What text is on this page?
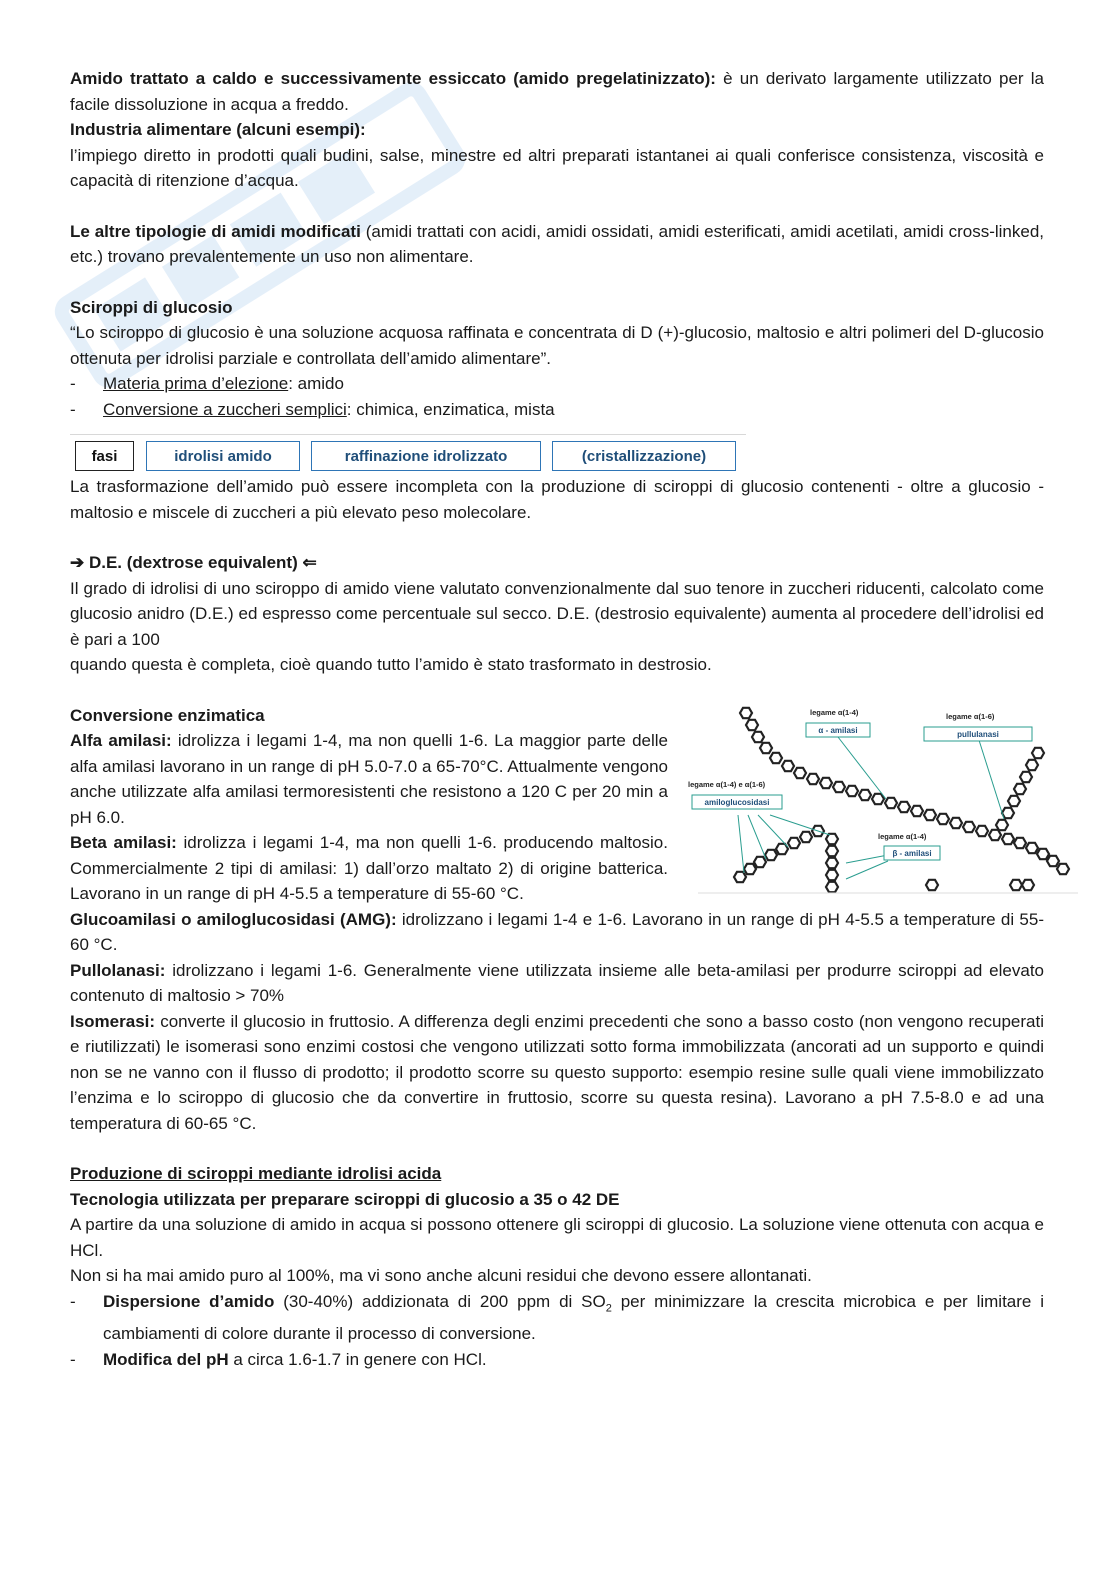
Amido trattato a caldo e successivamente essiccato (amido pregelatinizzato): è un derivato largamente utilizzato per la facile dissoluzione in acqua a freddo.

Industria alimentare (alcuni esempi):

l’impiego diretto in prodotti quali budini, salse, minestre ed altri preparati istantanei ai quali conferisce consistenza, viscosità e capacità di ritenzione d’acqua.

Le altre tipologie di amidi modificati (amidi trattati con acidi, amidi ossidati, amidi esterificati, amidi acetilati, amidi cross-linked, etc.) trovano prevalentemente un uso non alimentare.

Sciroppi di glucosio

“Lo sciroppo di glucosio è una soluzione acquosa raffinata e concentrata di D (+)-glucosio, maltosio e altri polimeri del D-glucosio ottenuta per idrolisi parziale e controllata dell’amido alimentare”.

-	Materia prima d’elezione: amido
-	Conversione a zuccheri semplici: chimica, enzimatica, mista
fasi	idrolisi amido	raffinazione idrolizzato	(cristallizzazione)

La trasformazione dell’amido può essere incompleta con la produzione di sciroppi di glucosio contenenti - oltre a glucosio - maltosio e miscele di zuccheri a più elevato peso molecolare.

➔ D.E. (dextrose equivalent) ⇐

Il grado di idrolisi di uno sciroppo di amido viene valutato convenzionalmente dal suo tenore in zuccheri riducenti, calcolato come glucosio anidro (D.E.) ed espresso come percentuale sul secco. D.E. (destrosio equivalente) aumenta al procedere dell’idrolisi ed è pari a 100

quando questa è completa, cioè quando tutto l’amido è stato trasformato in destrosio.

Conversione enzimatica

Alfa amilasi: idrolizza i legami 1-4, ma non quelli 1-6. La maggior parte delle alfa amilasi lavorano in un range di pH 5.0-7.0 a 65-70°C. Attualmente vengono anche utilizzate alfa amilasi termoresistenti che resistono a 120 C per 20 min a pH 6.0.

Beta amilasi: idrolizza i legami 1-4, ma non quelli 1-6. producendo maltosio. Commercialmente 2 tipi di amilasi: 1) dall’orzo maltato 2) di origine batterica. Lavorano in un range di pH 4-5.5 a temperature di 55-60 °C.

legame α(1-4)
α - amilasi
legame α(1-6)
pullulanasi
legame α(1-4) e α(1-6)
amiloglucosidasi
legame α(1-4)
β - amilasi

Glucoamilasi o amiloglucosidasi (AMG): idrolizzano i legami 1-4 e 1-6. Lavorano in un range di pH 4-5.5 a temperature di 55-60 °C.

Pullolanasi: idrolizzano i legami 1-6. Generalmente viene utilizzata insieme alle beta-amilasi per produrre sciroppi ad elevato contenuto di maltosio > 70%

Isomerasi: converte il glucosio in fruttosio. A differenza degli enzimi precedenti che sono a basso costo (non vengono recuperati e riutilizzati) le isomerasi sono enzimi costosi che vengono utilizzati sotto forma immobilizzata (ancorati ad un supporto e quindi non se ne vanno con il flusso di prodotto; il prodotto scorre su questo supporto: esempio resine sulle quali viene immobilizzato l’enzima e lo sciroppo di glucosio che da convertire in fruttosio, scorre su questa resina). Lavorano a pH 7.5-8.0 e ad una temperatura di 60-65 °C.

Produzione di sciroppi mediante idrolisi acida

Tecnologia utilizzata per preparare sciroppi di glucosio a 35 o 42 DE

A partire da una soluzione di amido in acqua si possono ottenere gli sciroppi di glucosio. La soluzione viene ottenuta con acqua e HCl.

Non si ha mai amido puro al 100%, ma vi sono anche alcuni residui che devono essere allontanati.

-	Dispersione d’amido (30-40%) addizionata di 200 ppm di $SO_2$ per minimizzare la crescita microbica e per limitare i cambiamenti di colore durante il processo di conversione.
-	Modifica del pH a circa 1.6-1.7 in genere con HCl.
